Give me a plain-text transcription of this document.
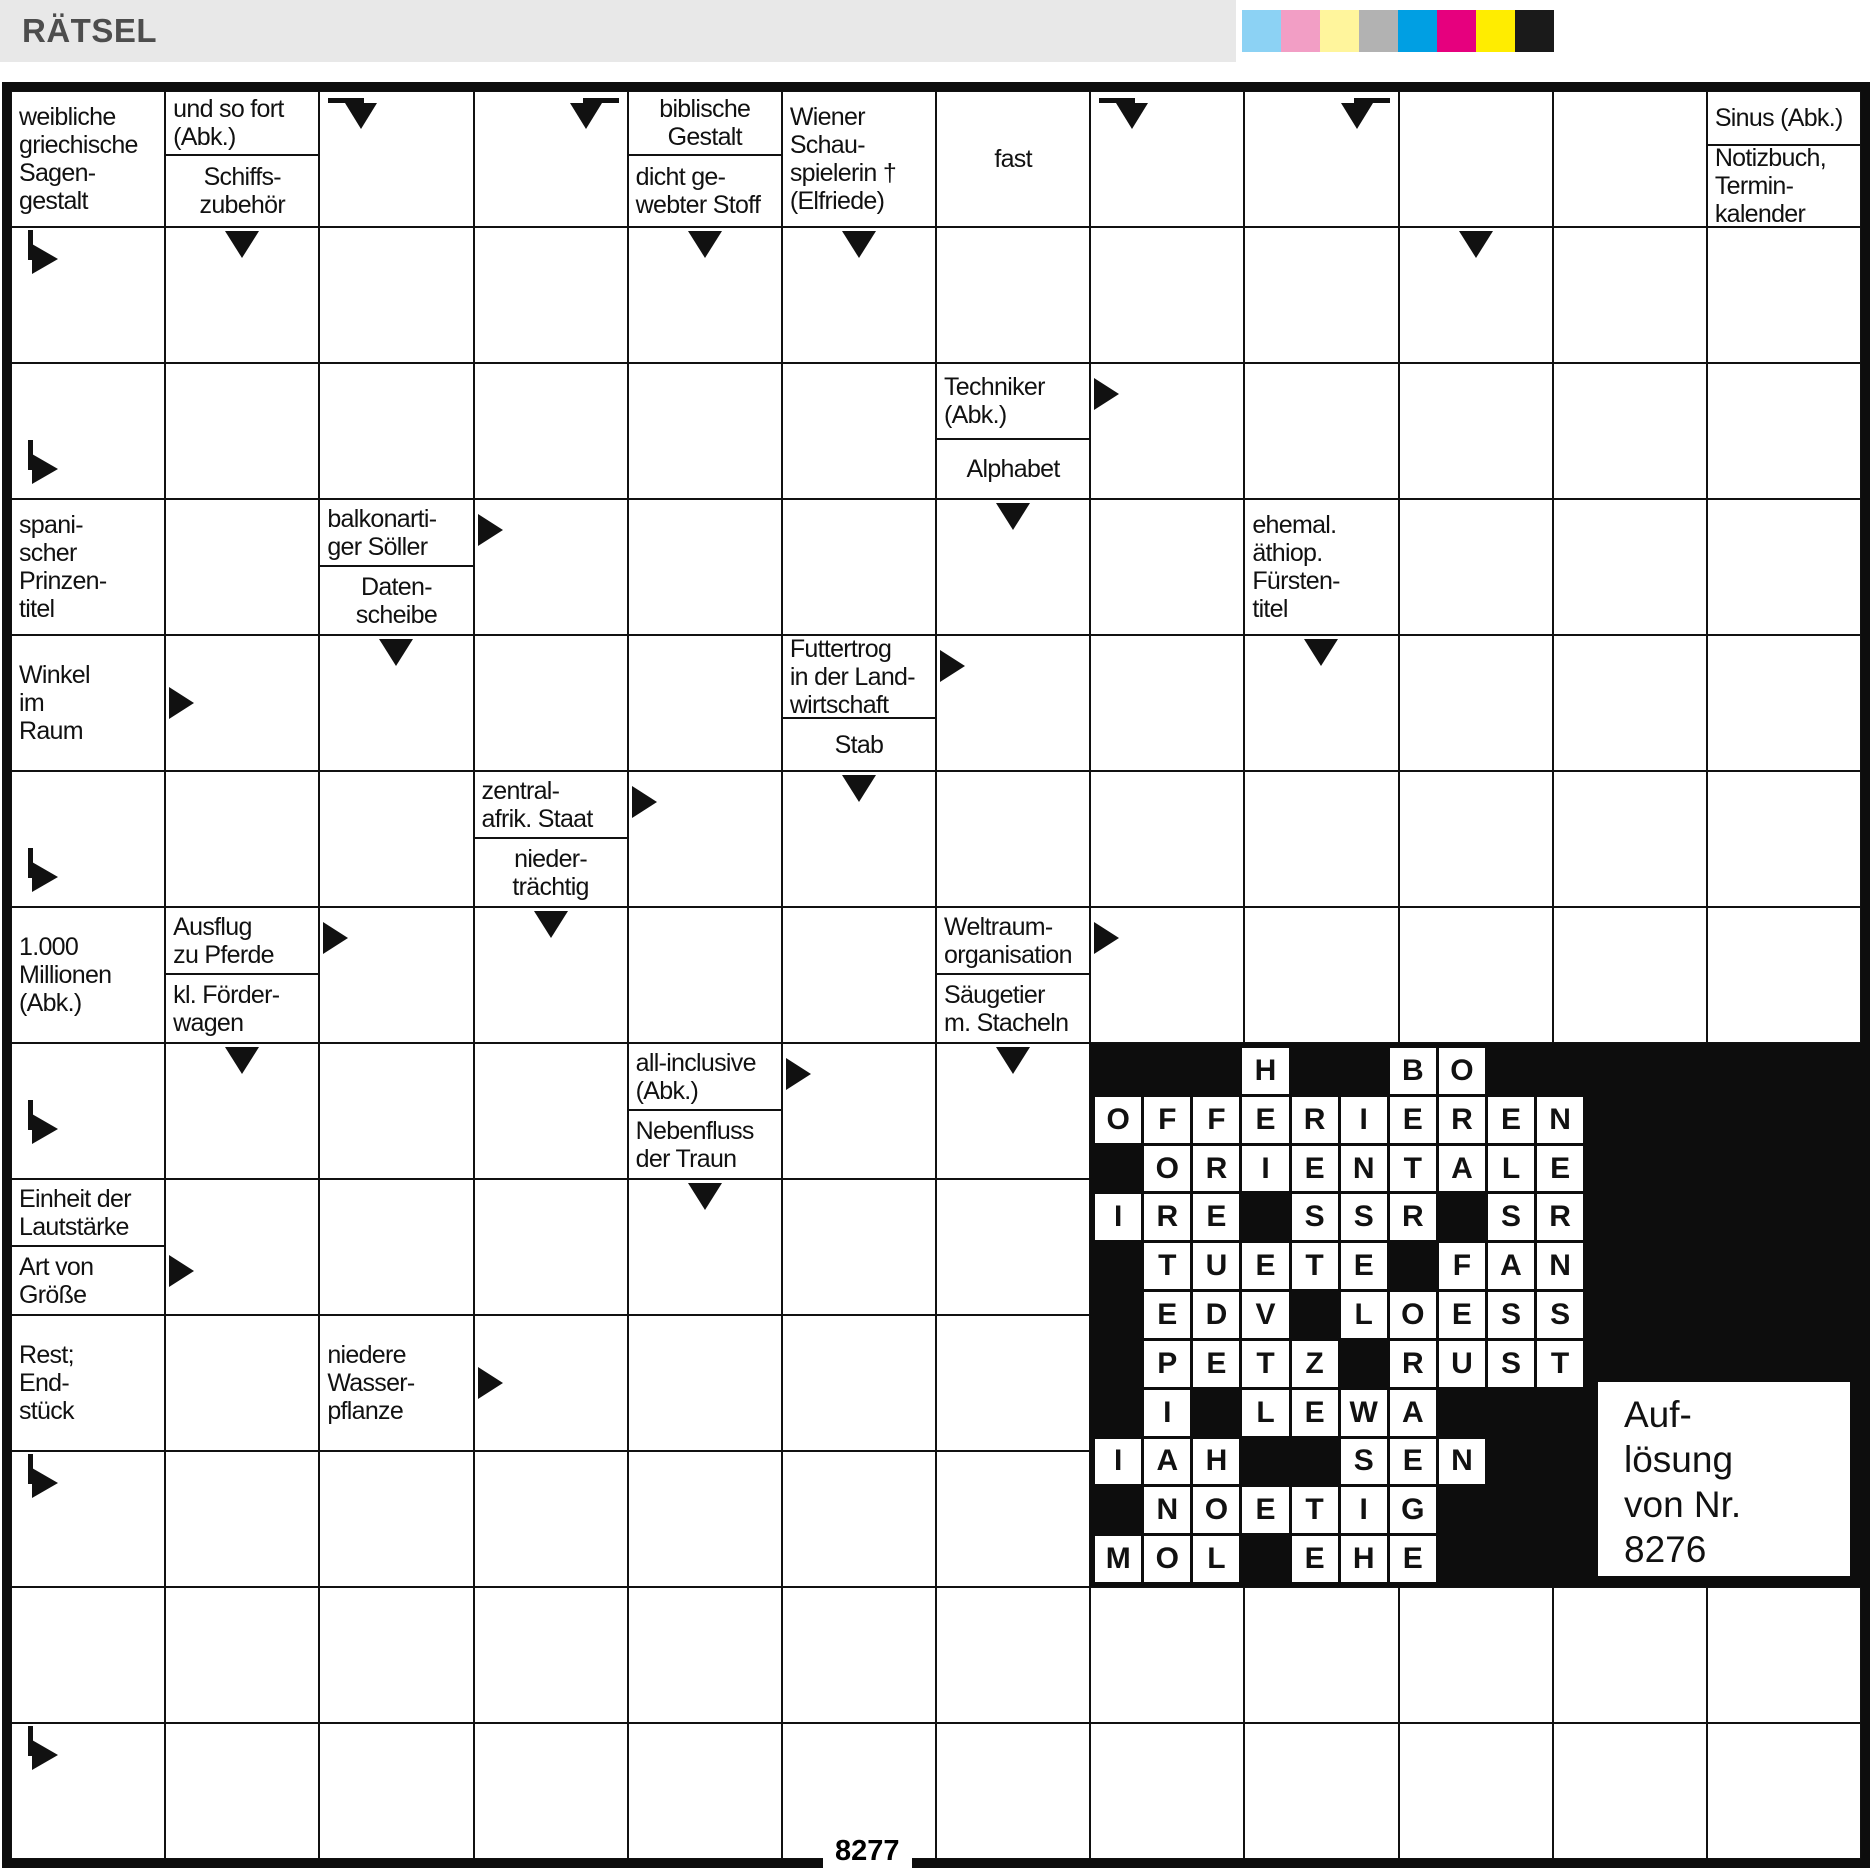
RÄTSEL
H	B O
O F	F E R	I	E R E N
O R	I	E N T A L E
I	R E	S S R	S R
T U E T E	F A N
E D V	L O E S S
P E T	Z	R U S T
I	L E W A
I	A H	S E N
N O E T	I	G
M O L	E H E
Auf-
lösung
von Nr.
8276
weibliche
griechische
Sagen-
gestalt
und so fort
(Abk.)
Schiffs-
zubehör
biblische
Gestalt
dicht ge-
webter Stoff
Wiener
Schau-
spielerin †
(Elfriede)
fast
Sinus (Abk.)
Notizbuch,
Termin-
kalender
Techniker
(Abk.)
Alphabet
spani-
scher
Prinzen-
titel
balkonarti-
ger Söller
Daten-
scheibe
ehemal.
äthiop.
Fürsten-
titel
Winkel
im
Raum
Futtertrog
in der Land-
wirtschaft
Stab
zentral-
afrik. Staat
nieder-
trächtig
1.000
Millionen
(Abk.)
Ausflug
zu Pferde
kl. Förder-
wagen
Weltraum-
organisation
Säugetier
m. Stacheln
all-inclusive
(Abk.)
Nebenfluss
der Traun
Einheit der
Lautstärke
Art von
Größe
Rest;
End-
stück
niedere
Wasser-
pflanze
8277
